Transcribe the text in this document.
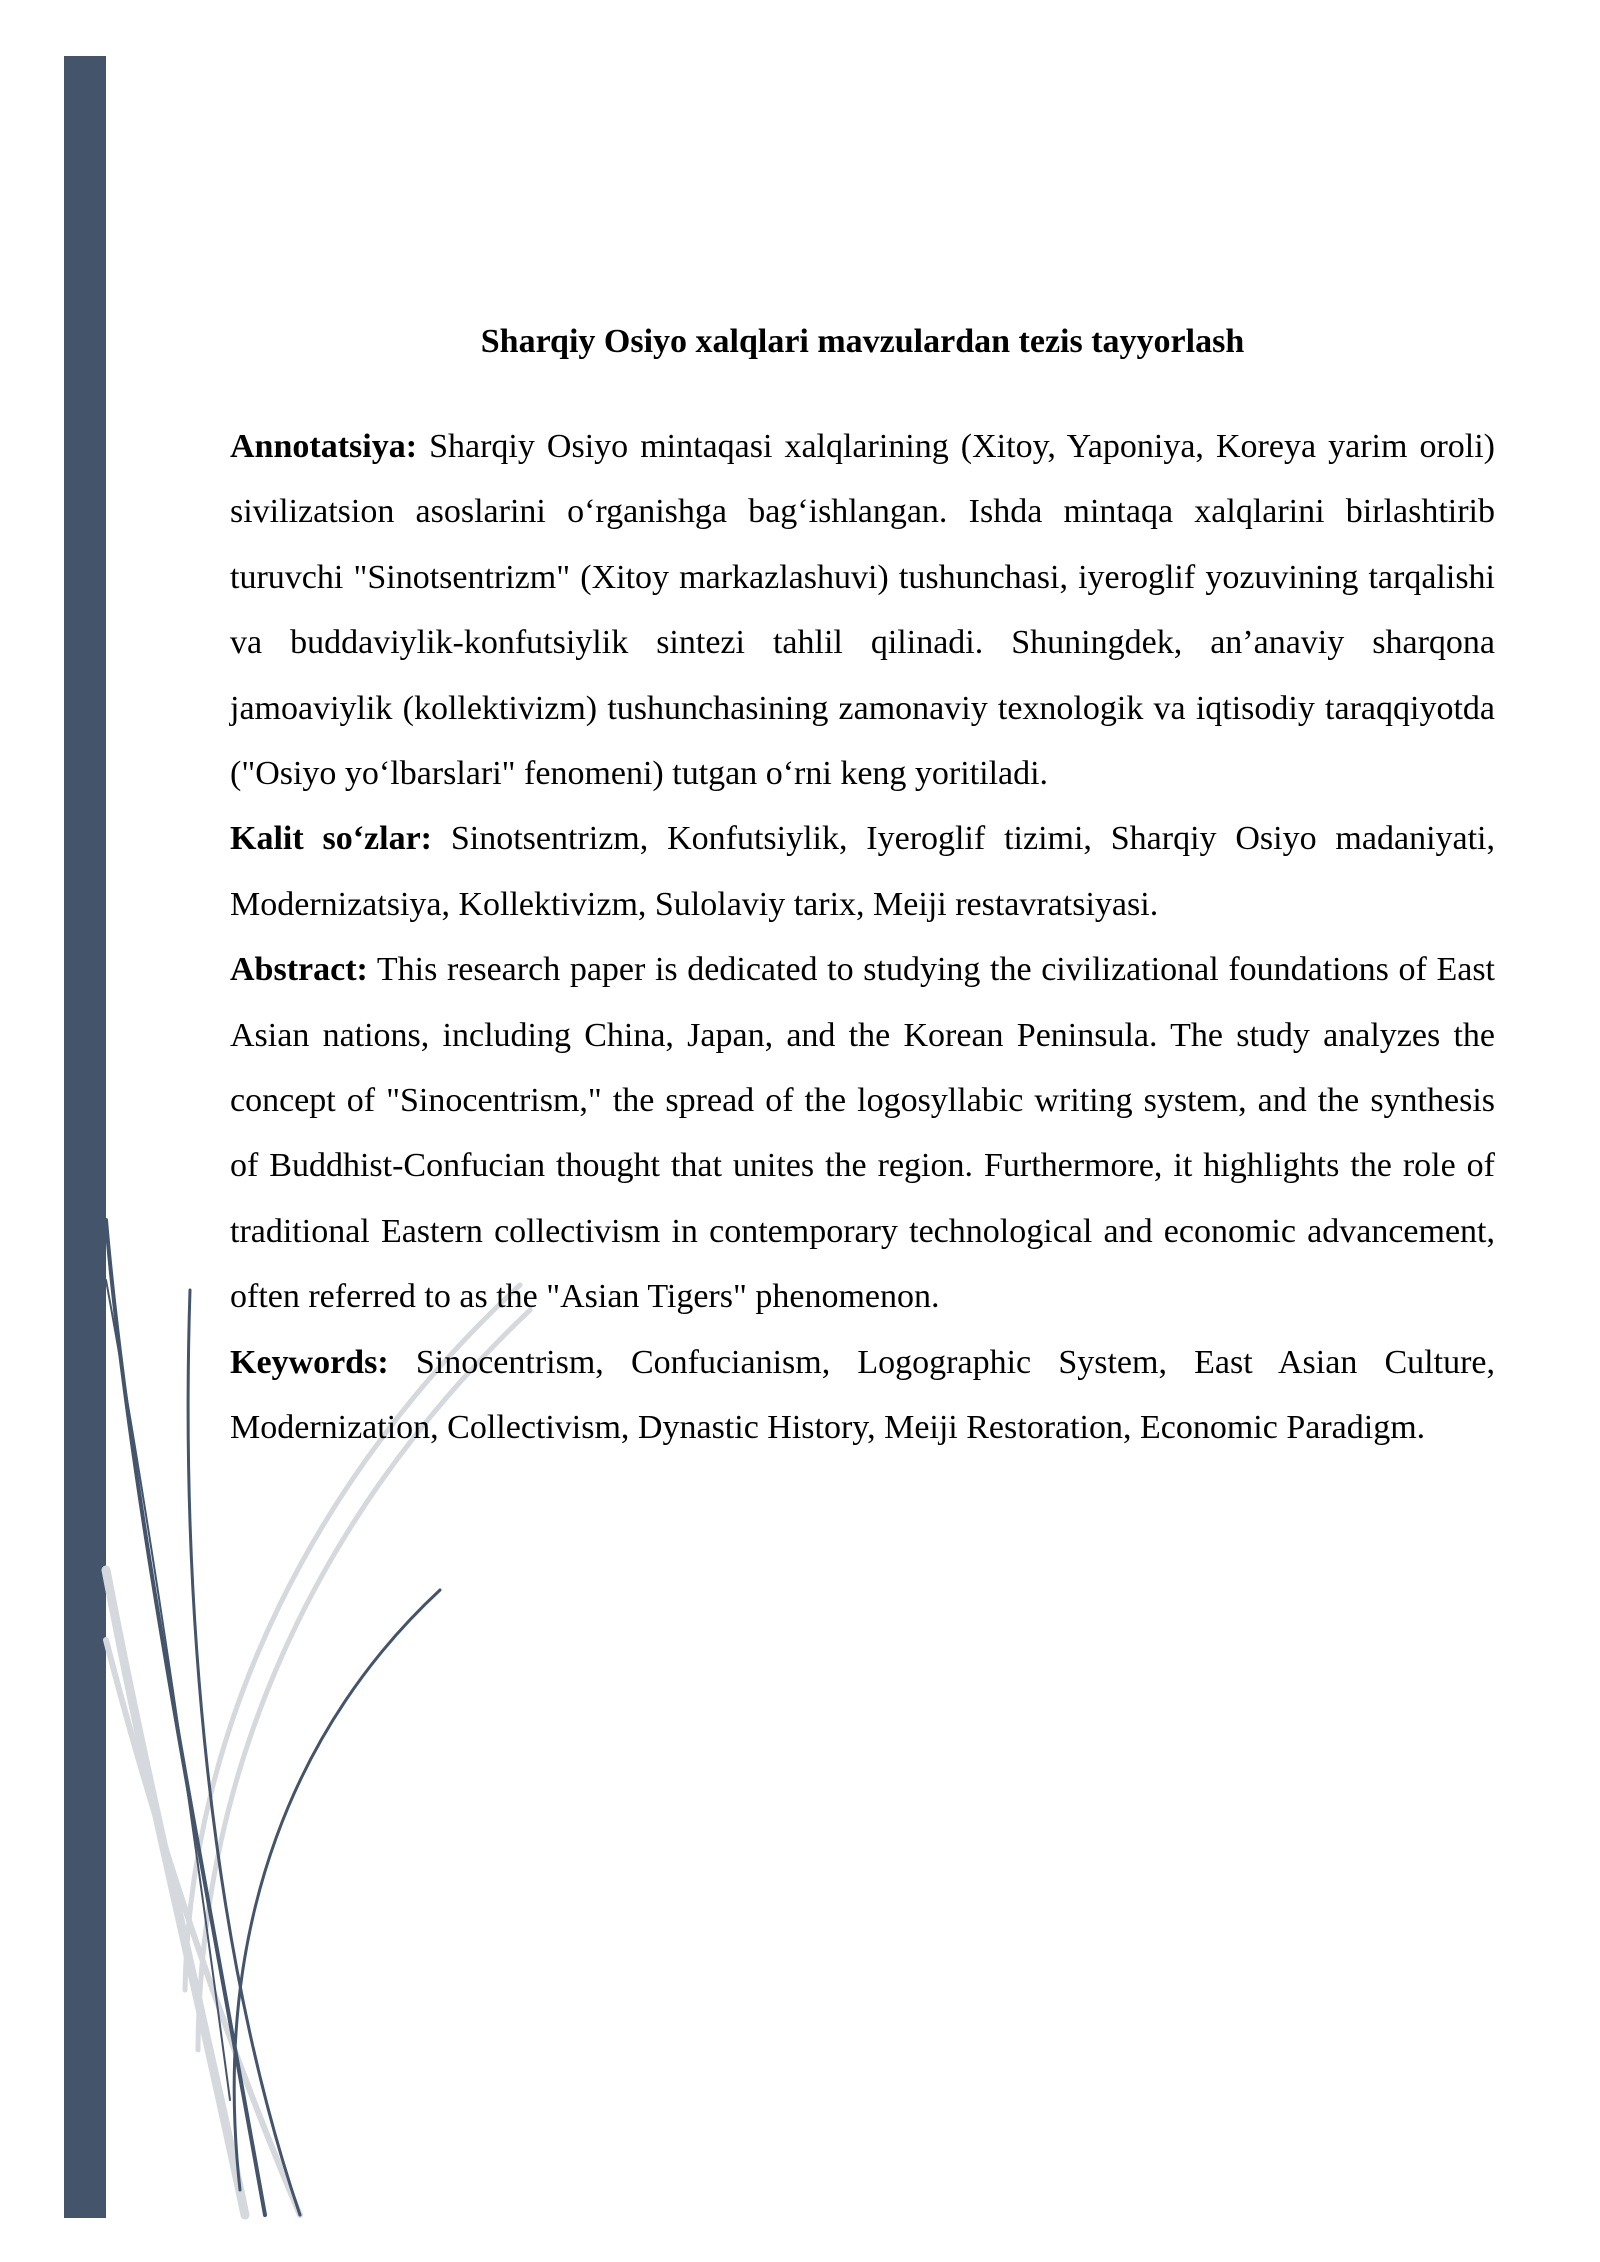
Sharqiy Osiyo xalqlari mavzulardan tezis tayyorlash

Annotatsiya: Sharqiy Osiyo mintaqasi xalqlarining (Xitoy, Yaponiya, Koreya yarim oroli) sivilizatsion asoslarini o‘rganishga bag‘ishlangan. Ishda mintaqa xalqlarini birlashtirib turuvchi "Sinotsentrizm" (Xitoy markazlashuvi) tushunchasi, iyeroglif yozuvining tarqalishi va buddaviylik-konfutsiylik sintezi tahlil qilinadi. Shuningdek, an’anaviy sharqona jamoaviylik (kollektivizm) tushunchasining zamonaviy texnologik va iqtisodiy taraqqiyotda ("Osiyo yo‘lbarslari" fenomeni) tutgan o‘rni keng yoritiladi.

Kalit so‘zlar: Sinotsentrizm, Konfutsiylik, Iyeroglif tizimi, Sharqiy Osiyo madaniyati, Modernizatsiya, Kollektivizm, Sulolaviy tarix, Meiji restavratsiyasi.

Abstract: This research paper is dedicated to studying the civilizational foundations of East Asian nations, including China, Japan, and the Korean Peninsula. The study analyzes the concept of "Sinocentrism," the spread of the logosyllabic writing system, and the synthesis of Buddhist-Confucian thought that unites the region. Furthermore, it highlights the role of traditional Eastern collectivism in contemporary technological and economic advancement, often referred to as the "Asian Tigers" phenomenon.

Keywords: Sinocentrism, Confucianism, Logographic System, East Asian Culture, Modernization, Collectivism, Dynastic History, Meiji Restoration, Economic Paradigm.
